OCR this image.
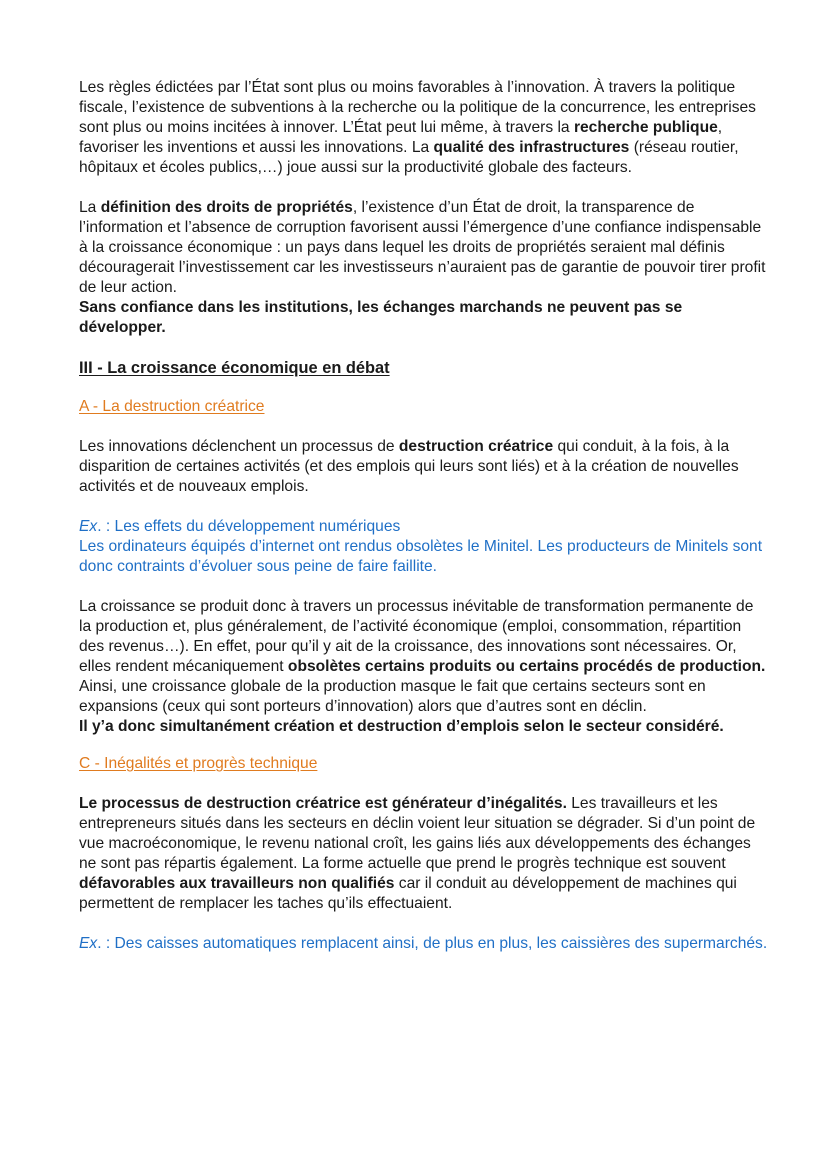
Les règles édictées par l’État sont plus ou moins favorables à l’innovation. À travers la politique fiscale, l’existence de subventions à la recherche ou la politique de la concurrence, les entreprises sont plus ou moins incitées à innover. L’État peut lui même, à travers la recherche publique, favoriser les inventions et aussi les innovations. La qualité des infrastructures (réseau routier, hôpitaux et écoles publics,…) joue aussi sur la productivité globale des facteurs.

La définition des droits de propriétés, l’existence d’un État de droit, la transparence de l’information et l’absence de corruption favorisent aussi l’émergence d’une confiance indispensable à la croissance économique : un pays dans lequel les droits de propriétés seraient mal définis découragerait l’investissement car les investisseurs n’auraient pas de garantie de pouvoir tirer profit de leur action.

Sans confiance dans les institutions, les échanges marchands ne peuvent pas se développer.

III - La croissance économique en débat
A - La destruction créatrice

Les innovations déclenchent un processus de destruction créatrice qui conduit, à la fois, à la disparition de certaines activités (et des emplois qui leurs sont liés) et à la création de nouvelles activités et de nouveaux emplois.

Ex. : Les effets du développement numériques

Les ordinateurs équipés d’internet ont rendus obsolètes le Minitel. Les producteurs de Minitels sont donc contraints d’évoluer sous peine de faire faillite.

La croissance se produit donc à travers un processus inévitable de transformation permanente de la production et, plus généralement, de l’activité économique (emploi, consommation, répartition des revenus…). En effet, pour qu’il y ait de la croissance, des innovations sont nécessaires. Or, elles rendent mécaniquement obsolètes certains produits ou certains procédés de production. Ainsi, une croissance globale de la production masque le fait que certains secteurs sont en expansions (ceux qui sont porteurs d’innovation) alors que d’autres sont en déclin.

Il y’a donc simultanément création et destruction d’emplois selon le secteur considéré.

C - Inégalités et progrès technique

Le processus de destruction créatrice est générateur d’inégalités. Les travailleurs et les entrepreneurs situés dans les secteurs en déclin voient leur situation se dégrader. Si d’un point de vue macroéconomique, le revenu national croît, les gains liés aux développements des échanges ne sont pas répartis également. La forme actuelle que prend le progrès technique est souvent défavorables aux travailleurs non qualifiés car il conduit au développement de machines qui permettent de remplacer les taches qu’ils effectuaient.

Ex. : Des caisses automatiques remplacent ainsi, de plus en plus, les caissières des supermarchés.
